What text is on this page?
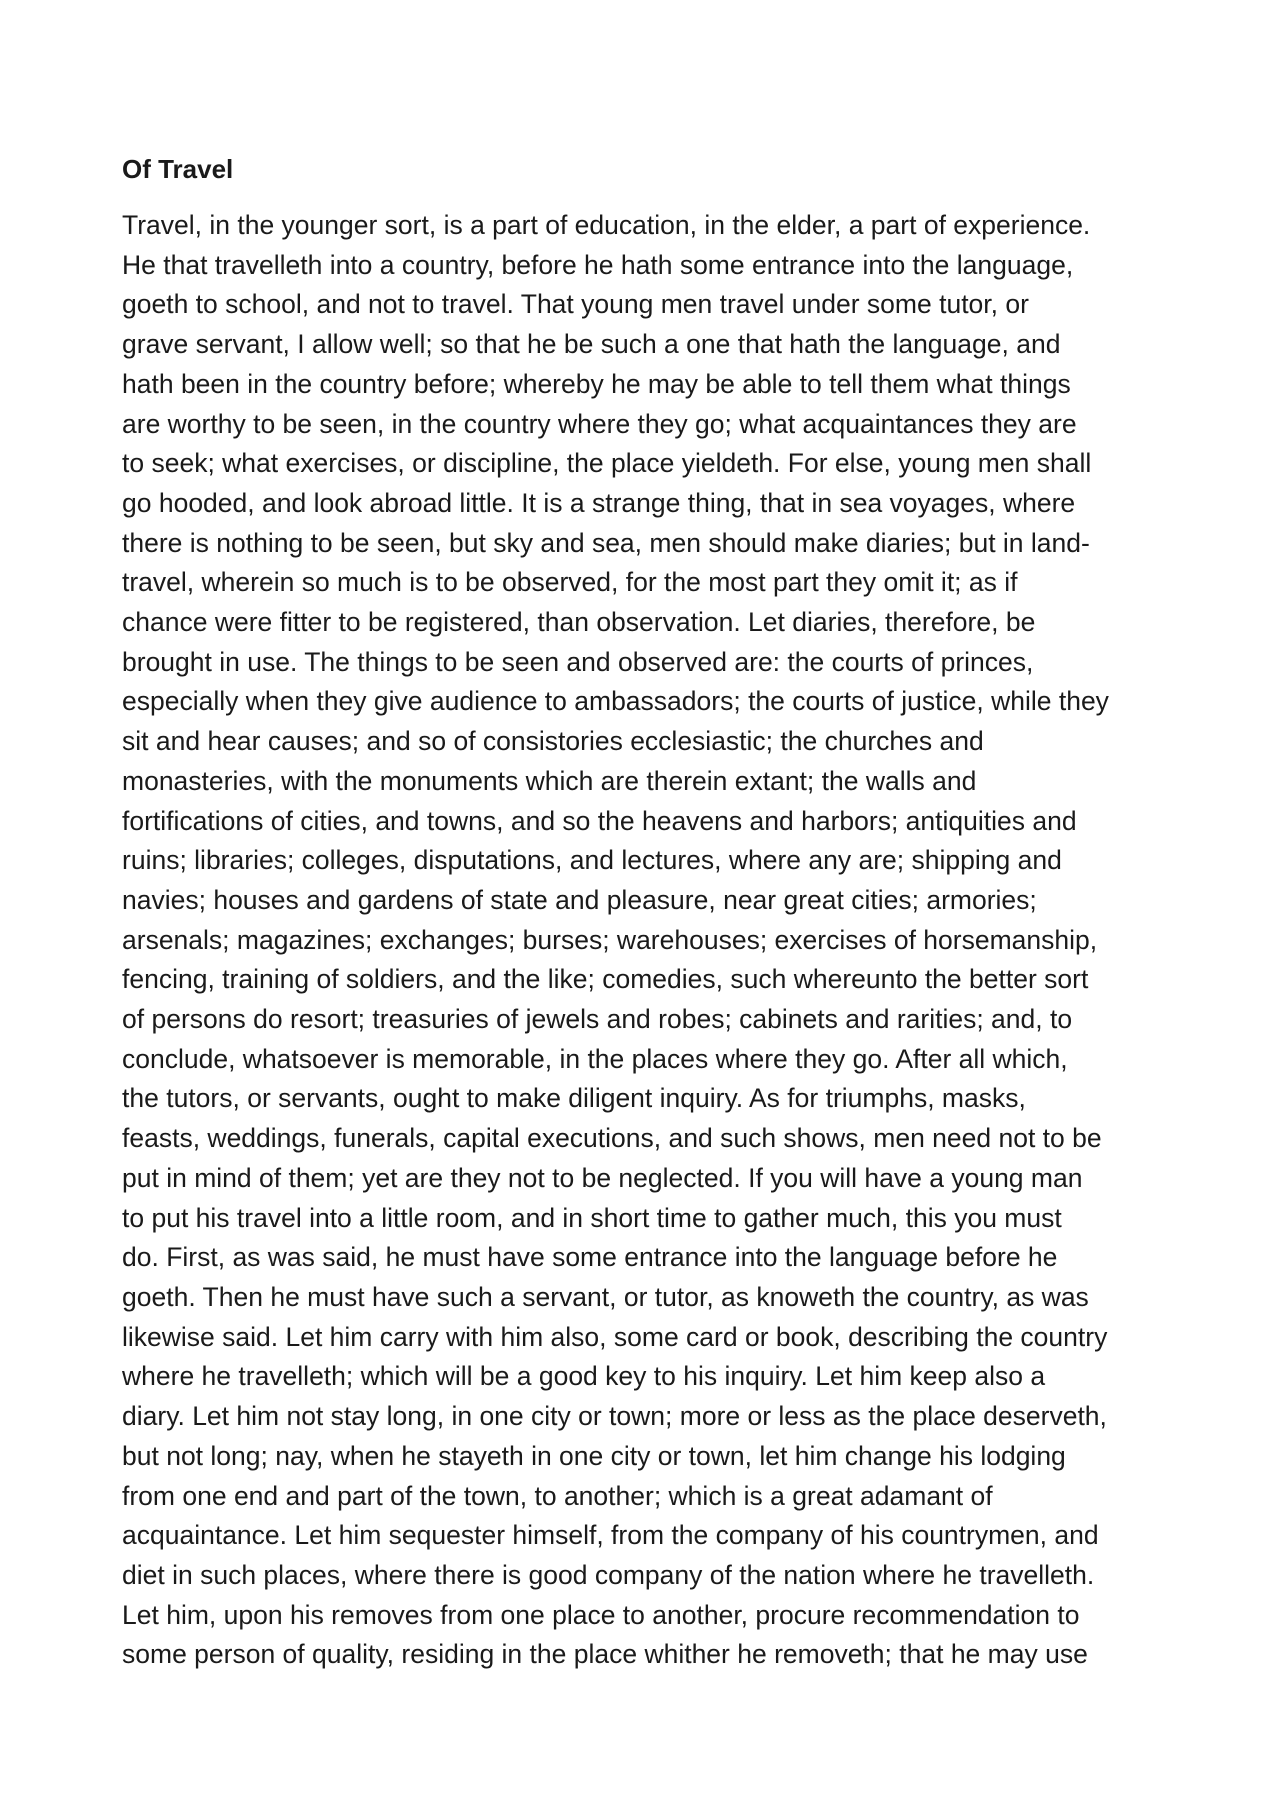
Of Travel
Travel, in the younger sort, is a part of education, in the elder, a part of experience.
He that travelleth into a country, before he hath some entrance into the language,
goeth to school, and not to travel. That young men travel under some tutor, or
grave servant, I allow well; so that he be such a one that hath the language, and
hath been in the country before; whereby he may be able to tell them what things
are worthy to be seen, in the country where they go; what acquaintances they are
to seek; what exercises, or discipline, the place yieldeth. For else, young men shall
go hooded, and look abroad little. It is a strange thing, that in sea voyages, where
there is nothing to be seen, but sky and sea, men should make diaries; but in land-
travel, wherein so much is to be observed, for the most part they omit it; as if
chance were fitter to be registered, than observation. Let diaries, therefore, be
brought in use. The things to be seen and observed are: the courts of princes,
especially when they give audience to ambassadors; the courts of justice, while they
sit and hear causes; and so of consistories ecclesiastic; the churches and
monasteries, with the monuments which are therein extant; the walls and
fortifications of cities, and towns, and so the heavens and harbors; antiquities and
ruins; libraries; colleges, disputations, and lectures, where any are; shipping and
navies; houses and gardens of state and pleasure, near great cities; armories;
arsenals; magazines; exchanges; burses; warehouses; exercises of horsemanship,
fencing, training of soldiers, and the like; comedies, such whereunto the better sort
of persons do resort; treasuries of jewels and robes; cabinets and rarities; and, to
conclude, whatsoever is memorable, in the places where they go. After all which,
the tutors, or servants, ought to make diligent inquiry. As for triumphs, masks,
feasts, weddings, funerals, capital executions, and such shows, men need not to be
put in mind of them; yet are they not to be neglected. If you will have a young man
to put his travel into a little room, and in short time to gather much, this you must
do. First, as was said, he must have some entrance into the language before he
goeth. Then he must have such a servant, or tutor, as knoweth the country, as was
likewise said. Let him carry with him also, some card or book, describing the country
where he travelleth; which will be a good key to his inquiry. Let him keep also a
diary. Let him not stay long, in one city or town; more or less as the place deserveth,
but not long; nay, when he stayeth in one city or town, let him change his lodging
from one end and part of the town, to another; which is a great adamant of
acquaintance. Let him sequester himself, from the company of his countrymen, and
diet in such places, where there is good company of the nation where he travelleth.
Let him, upon his removes from one place to another, procure recommendation to
some person of quality, residing in the place whither he removeth; that he may use
